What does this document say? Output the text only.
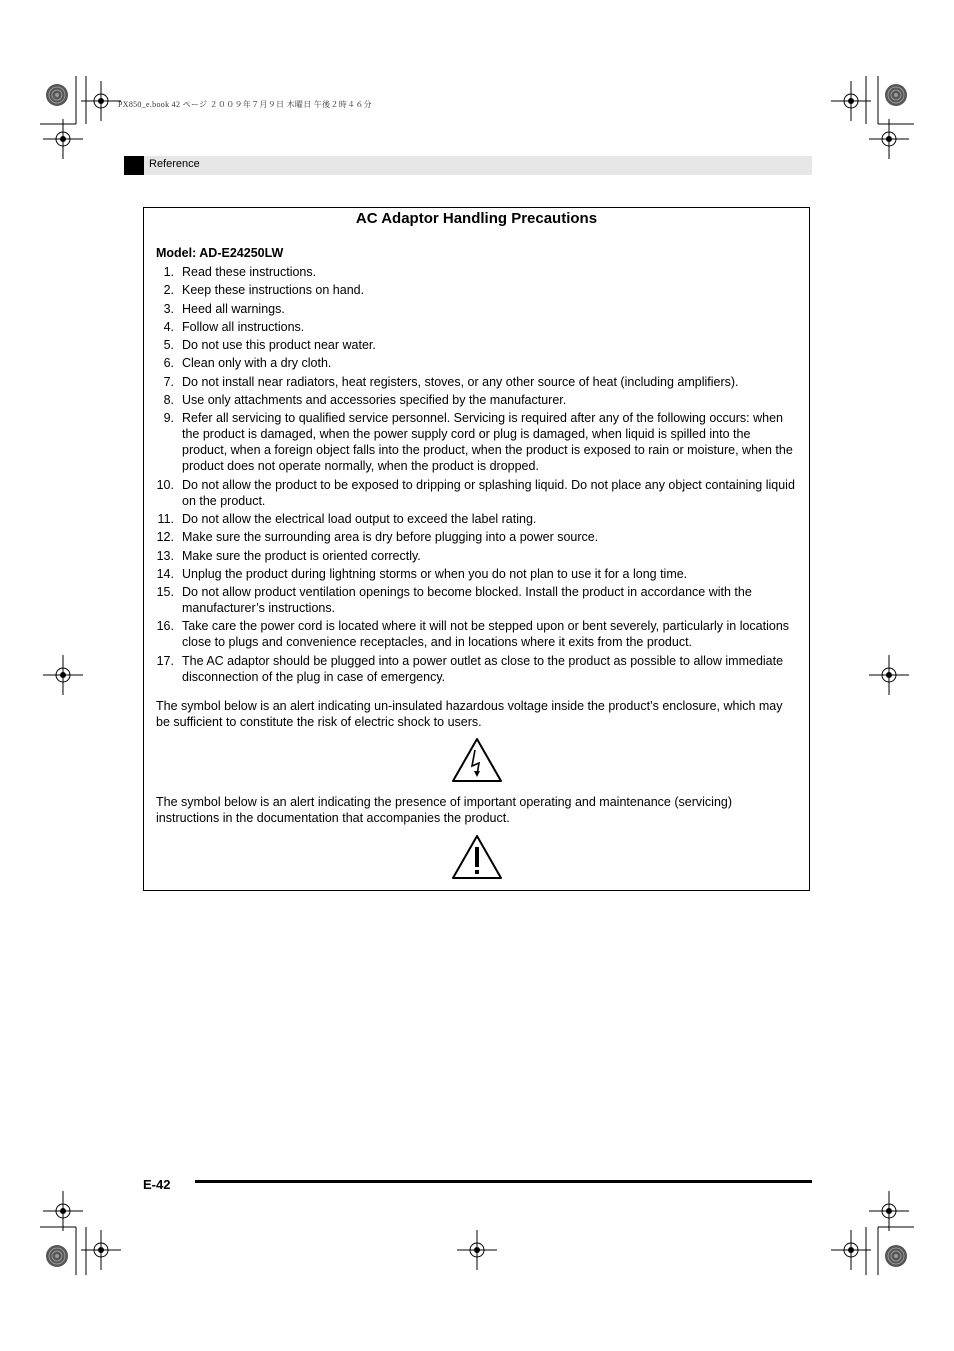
PX850_e.book 42 ページ ２００９年７月９日 木曜日 午後２時４６分
Reference
AC Adaptor Handling Precautions
Model: AD-E24250LW
1. Read these instructions.
2. Keep these instructions on hand.
3. Heed all warnings.
4. Follow all instructions.
5. Do not use this product near water.
6. Clean only with a dry cloth.
7. Do not install near radiators, heat registers, stoves, or any other source of heat (including amplifiers).
8. Use only attachments and accessories specified by the manufacturer.
9. Refer all servicing to qualified service personnel. Servicing is required after any of the following occurs: when the product is damaged, when the power supply cord or plug is damaged, when liquid is spilled into the product, when a foreign object falls into the product, when the product is exposed to rain or moisture, when the product does not operate normally, when the product is dropped.
10. Do not allow the product to be exposed to dripping or splashing liquid. Do not place any object containing liquid on the product.
11. Do not allow the electrical load output to exceed the label rating.
12. Make sure the surrounding area is dry before plugging into a power source.
13. Make sure the product is oriented correctly.
14. Unplug the product during lightning storms or when you do not plan to use it for a long time.
15. Do not allow product ventilation openings to become blocked. Install the product in accordance with the manufacturer’s instructions.
16. Take care the power cord is located where it will not be stepped upon or bent severely, particularly in locations close to plugs and convenience receptacles, and in locations where it exits from the product.
17. The AC adaptor should be plugged into a power outlet as close to the product as possible to allow immediate disconnection of the plug in case of emergency.
The symbol below is an alert indicating un-insulated hazardous voltage inside the product’s enclosure, which may be sufficient to constitute the risk of electric shock to users.
The symbol below is an alert indicating the presence of important operating and maintenance (servicing) instructions in the documentation that accompanies the product.
E-42
